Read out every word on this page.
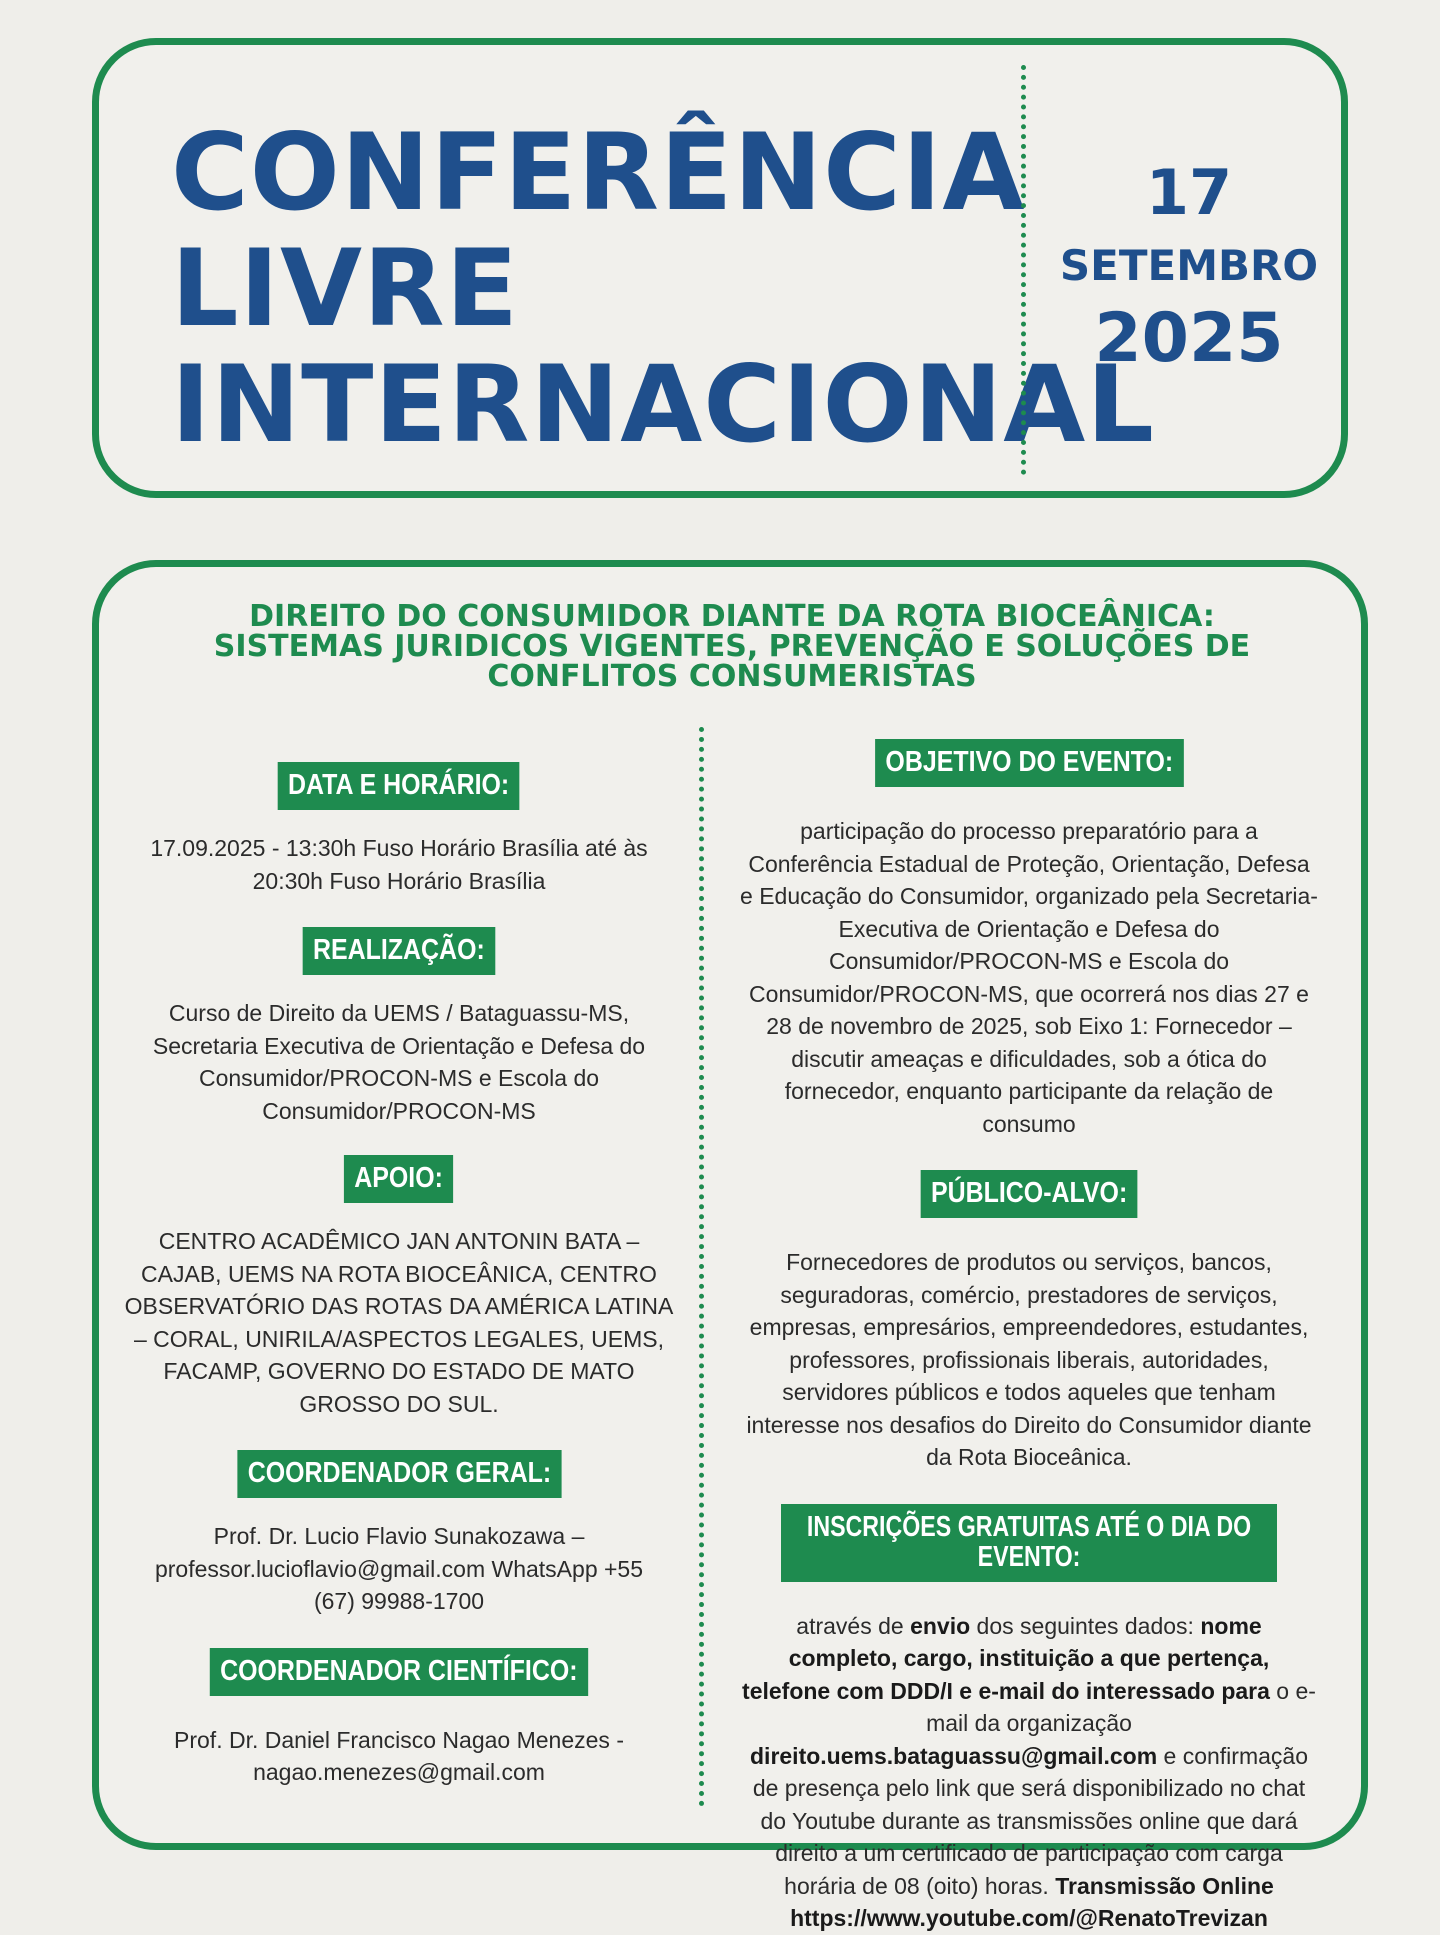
CONFERÊNCIA
LIVRE
INTERNACIONAL
17
SETEMBRO
2025
DIREITO DO CONSUMIDOR DIANTE DA ROTA BIOCEÂNICA: SISTEMAS JURIDICOS VIGENTES, PREVENÇÃO E SOLUÇÕES DE CONFLITOS CONSUMERISTAS
DATA E HORÁRIO:

17.09.2025 - 13:30h Fuso Horário Brasília até às 20:30h Fuso Horário Brasília

REALIZAÇÃO:

Curso de Direito da UEMS / Bataguassu-MS, Secretaria Executiva de Orientação e Defesa do Consumidor/PROCON-MS e Escola do Consumidor/PROCON-MS

APOIO:

CENTRO ACADÊMICO JAN ANTONIN BATA – CAJAB, UEMS NA ROTA BIOCEÂNICA, CENTRO OBSERVATÓRIO DAS ROTAS DA AMÉRICA LATINA – CORAL, UNIRILA/ASPECTOS LEGALES, UEMS, FACAMP, GOVERNO DO ESTADO DE MATO GROSSO DO SUL.

COORDENADOR GERAL:

Prof. Dr. Lucio Flavio Sunakozawa – professor.lucioflavio@gmail.com WhatsApp +55 (67) 99988-1700

COORDENADOR CIENTÍFICO:

Prof. Dr. Daniel Francisco Nagao Menezes - nagao.menezes@gmail.com

OBJETIVO DO EVENTO:

participação do processo preparatório para a Conferência Estadual de Proteção, Orientação, Defesa e Educação do Consumidor, organizado pela Secretaria-Executiva de Orientação e Defesa do Consumidor/PROCON-MS e Escola do Consumidor/PROCON-MS, que ocorrerá nos dias 27 e 28 de novembro de 2025, sob Eixo 1: Fornecedor – discutir ameaças e dificuldades, sob a ótica do fornecedor, enquanto participante da relação de consumo

PÚBLICO-ALVO:

Fornecedores de produtos ou serviços, bancos, seguradoras, comércio, prestadores de serviços, empresas, empresários, empreendedores, estudantes, professores, profissionais liberais, autoridades, servidores públicos e todos aqueles que tenham interesse nos desafios do Direito do Consumidor diante da Rota Bioceânica.

INSCRIÇÕES GRATUITAS ATÉ O DIA DO EVENTO:

através de envio dos seguintes dados: nome completo, cargo, instituição a que pertença, telefone com DDD/I e e-mail do interessado para o e-mail da organização direito.uems.bataguassu@gmail.com e confirmação de presença pelo link que será disponibilizado no chat do Youtube durante as transmissões online que dará direito a um certificado de participação com carga horária de 08 (oito) horas. Transmissão Online https://www.youtube.com/@RenatoTrevizan
